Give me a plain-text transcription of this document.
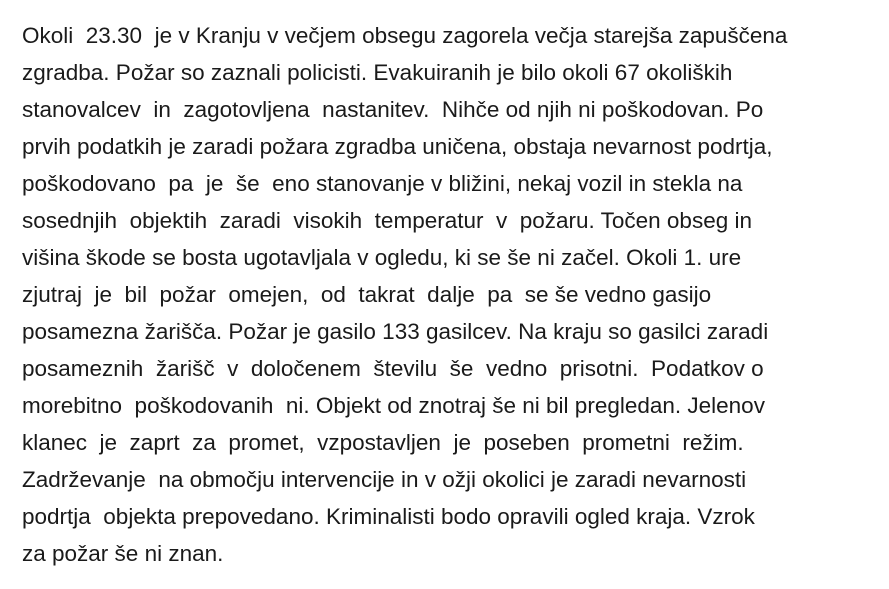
Okoli  23.30  je v Kranju v večjem obsegu zagorela večja starejša zapuščena
zgradba. Požar so zaznali policisti. Evakuiranih je bilo okoli 67 okoliških
stanovalcev  in  zagotovljena  nastanitev.  Nihče od njih ni poškodovan. Po
prvih podatkih je zaradi požara zgradba uničena, obstaja nevarnost podrtja,
poškodovano  pa  je  še  eno stanovanje v bližini, nekaj vozil in stekla na
sosednjih  objektih  zaradi  visokih  temperatur  v  požaru. Točen obseg in
višina škode se bosta ugotavljala v ogledu, ki se še ni začel. Okoli 1. ure
zjutraj  je  bil  požar  omejen,  od  takrat  dalje  pa  se še vedno gasijo
posamezna žarišča. Požar je gasilo 133 gasilcev. Na kraju so gasilci zaradi
posameznih  žarišč  v  določenem  številu  še  vedno  prisotni.  Podatkov o
morebitno  poškodovanih  ni. Objekt od znotraj še ni bil pregledan. Jelenov
klanec  je  zaprt  za  promet,  vzpostavljen  je  poseben  prometni  režim.
Zadrževanje  na območju intervencije in v ožji okolici je zaradi nevarnosti
podrtja  objekta prepovedano. Kriminalisti bodo opravili ogled kraja. Vzrok
za požar še ni znan.
